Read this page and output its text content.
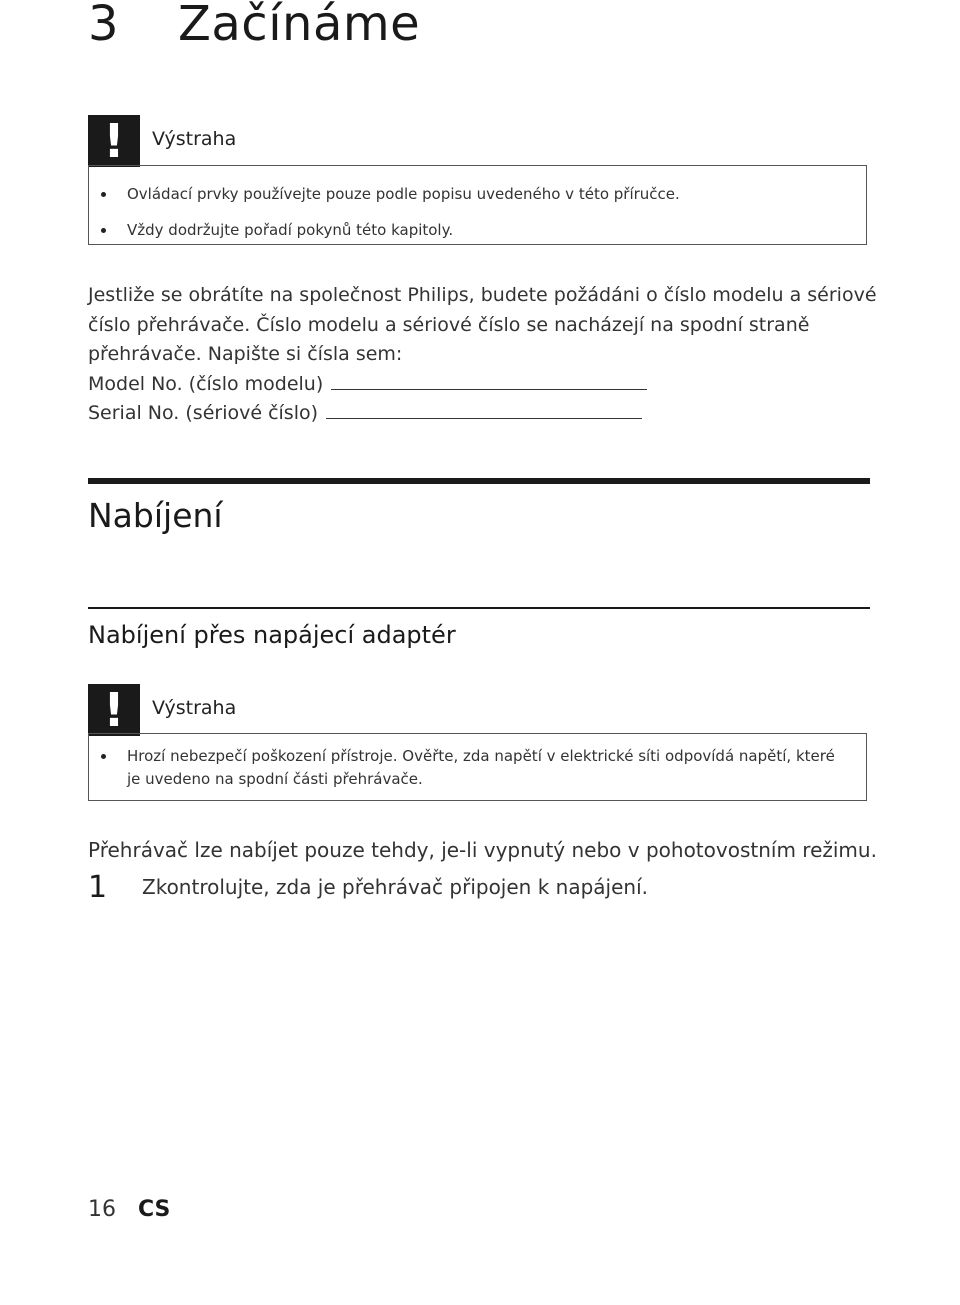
3 Začínáme
!	Výstraha
Ovládací prvky používejte pouze podle popisu uvedeného v této příručce.
Vždy dodržujte pořadí pokynů této kapitoly.
Jestliže se obrátíte na společnost Philips, budete požádáni o číslo modelu a sériové číslo přehrávače. Číslo modelu a sériové číslo se nacházejí na spodní straně přehrávače. Napište si čísla sem:
Model No. (číslo modelu)
Serial No. (sériové číslo)
Nabíjení
Nabíjení přes napájecí adaptér
!	Výstraha
Hrozí nebezpečí poškození přístroje. Ověřte, zda napětí v elektrické síti odpovídá napětí, které je uvedeno na spodní části přehrávače.
Přehrávač lze nabíjet pouze tehdy, je-li vypnutý nebo v pohotovostním režimu.
1 Zkontrolujte, zda je přehrávač připojen k napájení.
16 CS
